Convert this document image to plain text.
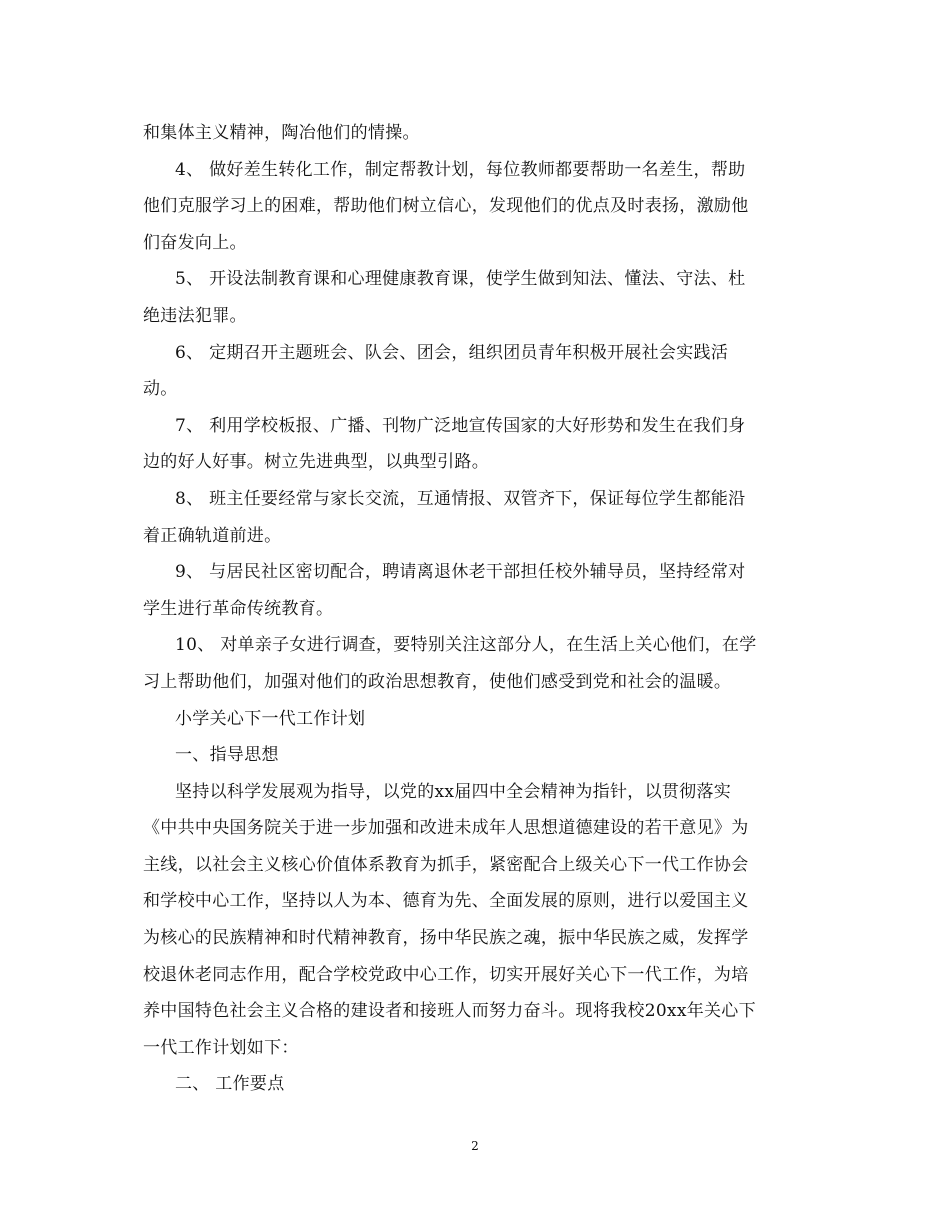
和集体主义精神，陶冶他们的情操。
4、 做好差生转化工作，制定帮教计划，每位教师都要帮助一名差生，帮助
他们克服学习上的困难，帮助他们树立信心，发现他们的优点及时表扬，激励他
们奋发向上。
5、 开设法制教育课和心理健康教育课，使学生做到知法、懂法、守法、杜
绝违法犯罪。
6、 定期召开主题班会、队会、团会，组织团员青年积极开展社会实践活
动。
7、 利用学校板报、广播、刊物广泛地宣传国家的大好形势和发生在我们身
边的好人好事。树立先进典型，以典型引路。
8、 班主任要经常与家长交流，互通情报、双管齐下，保证每位学生都能沿
着正确轨道前进。
9、 与居民社区密切配合，聘请离退休老干部担任校外辅导员，坚持经常对
学生进行革命传统教育。
10、 对单亲子女进行调查，要特别关注这部分人，在生活上关心他们，在学
习上帮助他们，加强对他们的政治思想教育，使他们感受到党和社会的温暖。
小学关心下一代工作计划
一、指导思想
坚持以科学发展观为指导，以党的xx届四中全会精神为指针，以贯彻落实
《中共中央国务院关于进一步加强和改进未成年人思想道德建设的若干意见》为
主线，以社会主义核心价值体系教育为抓手，紧密配合上级关心下一代工作协会
和学校中心工作，坚持以人为本、德育为先、全面发展的原则，进行以爱国主义
为核心的民族精神和时代精神教育，扬中华民族之魂，振中华民族之威，发挥学
校退休老同志作用，配合学校党政中心工作，切实开展好关心下一代工作，为培
养中国特色社会主义合格的建设者和接班人而努力奋斗。现将我校20xx年关心下
一代工作计划如下：
二、 工作要点
2
